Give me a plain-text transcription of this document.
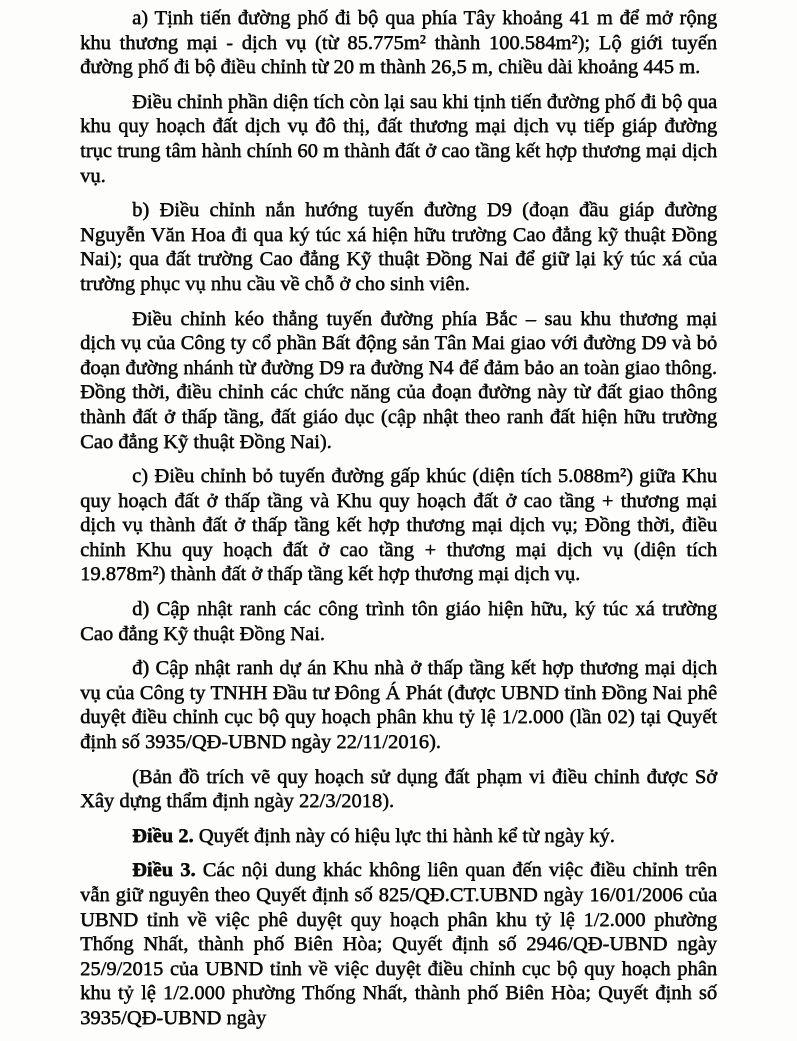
a) Tịnh tiến đường phố đi bộ qua phía Tây khoảng 41 m để mở rộng khu thương mại - dịch vụ (từ 85.775m² thành 100.584m²); Lộ giới tuyến đường phố đi bộ điều chỉnh từ 20 m thành 26,5 m, chiều dài khoảng 445 m.

Điều chỉnh phần diện tích còn lại sau khi tịnh tiến đường phố đi bộ qua khu quy hoạch đất dịch vụ đô thị, đất thương mại dịch vụ tiếp giáp đường trục trung tâm hành chính 60 m thành đất ở cao tầng kết hợp thương mại dịch vụ.

b) Điều chỉnh nắn hướng tuyến đường D9 (đoạn đầu giáp đường Nguyễn Văn Hoa đi qua ký túc xá hiện hữu trường Cao đẳng kỹ thuật Đồng Nai); qua đất trường Cao đẳng Kỹ thuật Đồng Nai để giữ lại ký túc xá của trường phục vụ nhu cầu về chỗ ở cho sinh viên.

Điều chỉnh kéo thẳng tuyến đường phía Bắc – sau khu thương mại dịch vụ của Công ty cổ phần Bất động sản Tân Mai giao với đường D9 và bỏ đoạn đường nhánh từ đường D9 ra đường N4 để đảm bảo an toàn giao thông. Đồng thời, điều chỉnh các chức năng của đoạn đường này từ đất giao thông thành đất ở thấp tầng, đất giáo dục (cập nhật theo ranh đất hiện hữu trường Cao đẳng Kỹ thuật Đồng Nai).

c) Điều chỉnh bỏ tuyến đường gấp khúc (diện tích 5.088m²) giữa Khu quy hoạch đất ở thấp tầng và Khu quy hoạch đất ở cao tầng + thương mại dịch vụ thành đất ở thấp tầng kết hợp thương mại dịch vụ; Đồng thời, điều chỉnh Khu quy hoạch đất ở cao tầng + thương mại dịch vụ (diện tích 19.878m²) thành đất ở thấp tầng kết hợp thương mại dịch vụ.

d) Cập nhật ranh các công trình tôn giáo hiện hữu, ký túc xá trường Cao đẳng Kỹ thuật Đồng Nai.

đ) Cập nhật ranh dự án Khu nhà ở thấp tầng kết hợp thương mại dịch vụ của Công ty TNHH Đầu tư Đông Á Phát (được UBND tỉnh Đồng Nai phê duyệt điều chỉnh cục bộ quy hoạch phân khu tỷ lệ 1/2.000 (lần 02) tại Quyết định số 3935/QĐ-UBND ngày 22/11/2016).

(Bản đồ trích vẽ quy hoạch sử dụng đất phạm vi điều chỉnh được Sở Xây dựng thẩm định ngày 22/3/2018).

Điều 2. Quyết định này có hiệu lực thi hành kể từ ngày ký.

Điều 3. Các nội dung khác không liên quan đến việc điều chỉnh trên vẫn giữ nguyên theo Quyết định số 825/QĐ.CT.UBND ngày 16/01/2006 của UBND tỉnh về việc phê duyệt quy hoạch phân khu tỷ lệ 1/2.000 phường Thống Nhất, thành phố Biên Hòa; Quyết định số 2946/QĐ-UBND ngày 25/9/2015 của UBND tỉnh về việc duyệt điều chỉnh cục bộ quy hoạch phân khu tỷ lệ 1/2.000 phường Thống Nhất, thành phố Biên Hòa; Quyết định số 3935/QĐ-UBND ngày
